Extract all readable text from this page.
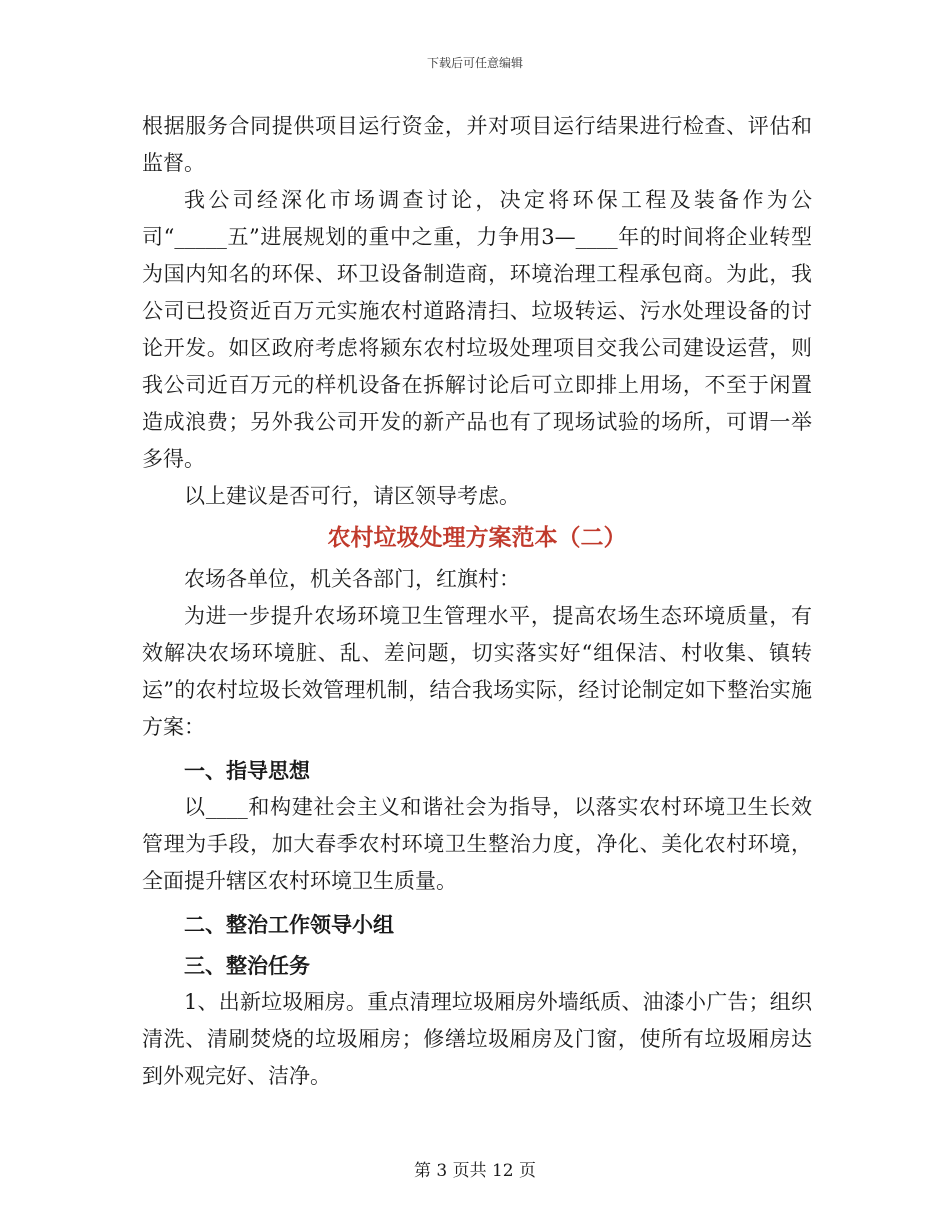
下载后可任意编辑

根据服务合同提供项目运行资金，并对项目运行结果进行检查、评估和监督。

我公司经深化市场调查讨论，决定将环保工程及装备作为公司“_____五”进展规划的重中之重，力争用3—____年的时间将企业转型为国内知名的环保、环卫设备制造商，环境治理工程承包商。为此，我公司已投资近百万元实施农村道路清扫、垃圾转运、污水处理设备的讨论开发。如区政府考虑将颍东农村垃圾处理项目交我公司建设运营，则我公司近百万元的样机设备在拆解讨论后可立即排上用场，不至于闲置造成浪费；另外我公司开发的新产品也有了现场试验的场所，可谓一举多得。

以上建议是否可行，请区领导考虑。

农村垃圾处理方案范本（二）

农场各单位，机关各部门，红旗村：

为进一步提升农场环境卫生管理水平，提高农场生态环境质量，有效解决农场环境脏、乱、差问题，切实落实好“组保洁、村收集、镇转运”的农村垃圾长效管理机制，结合我场实际，经讨论制定如下整治实施方案：

一、指导思想

以____和构建社会主义和谐社会为指导，以落实农村环境卫生长效管理为手段，加大春季农村环境卫生整治力度，净化、美化农村环境，全面提升辖区农村环境卫生质量。

二、整治工作领导小组

三、整治任务

1、出新垃圾厢房。重点清理垃圾厢房外墙纸质、油漆小广告；组织清洗、清刷焚烧的垃圾厢房；修缮垃圾厢房及门窗，使所有垃圾厢房达到外观完好、洁净。

第 3 页共 12 页
